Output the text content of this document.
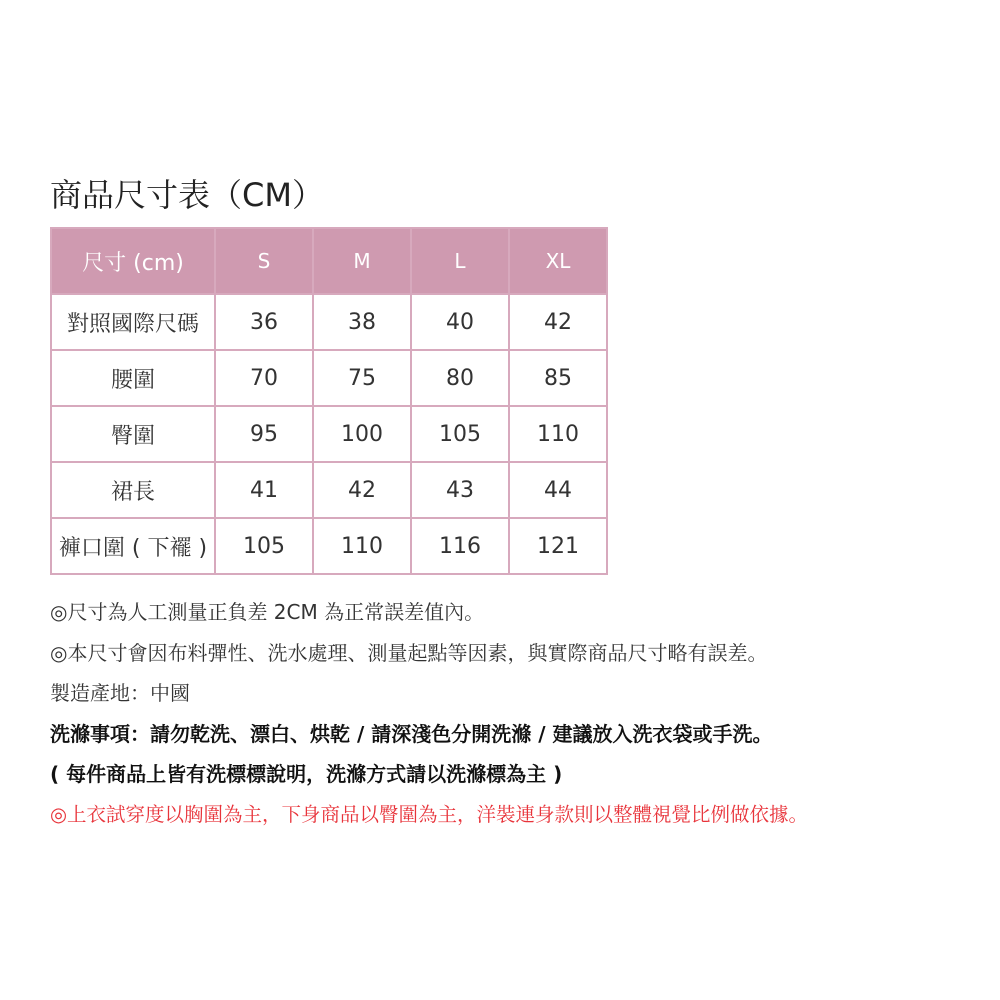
商品尺寸表（CM）
尺寸 (cm)	S	M	L	XL
對照國際尺碼	36	38	40	42
腰圍	70	75	80	85
臀圍	95	100	105	110
裙長	41	42	43	44
褲口圍 ( 下襬 )	105	110	116	121
◎尺寸為人工測量正負差 2CM 為正常誤差值內。
◎本尺寸會因布料彈性、洗水處理、測量起點等因素，與實際商品尺寸略有誤差。
製造產地：中國
洗滌事項：請勿乾洗、漂白、烘乾 / 請深淺色分開洗滌 / 建議放入洗衣袋或手洗。
( 每件商品上皆有洗標標說明，洗滌方式請以洗滌標為主 )
◎上衣試穿度以胸圍為主，下身商品以臀圍為主，洋裝連身款則以整體視覺比例做依據。
